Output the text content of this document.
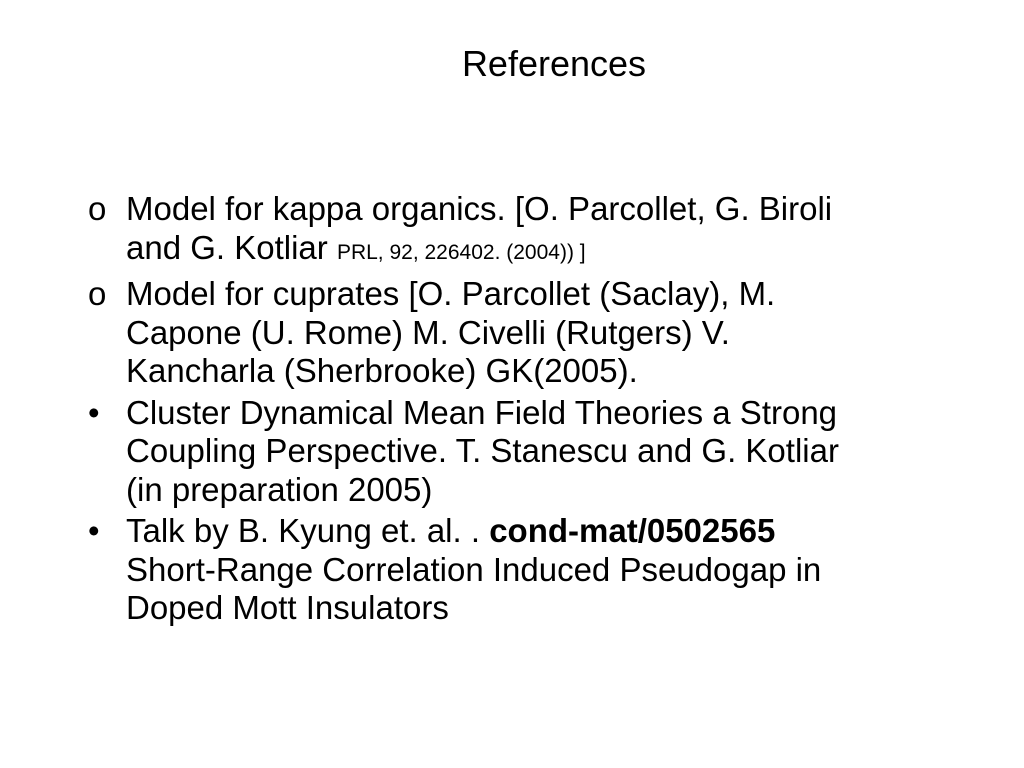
References
o Model for kappa organics. [O. Parcollet, G. Biroli
and G. Kotliar PRL, 92, 226402. (2004)) ]
o Model for cuprates [O. Parcollet (Saclay), M.
Capone (U. Rome) M. Civelli (Rutgers) V.
Kancharla (Sherbrooke) GK(2005).
• Cluster Dynamical Mean Field Theories a Strong
Coupling Perspective. T. Stanescu and G. Kotliar
(in preparation 2005)
• Talk by B. Kyung et. al. . cond-mat/0502565
Short-Range Correlation Induced Pseudogap in
Doped Mott Insulators
